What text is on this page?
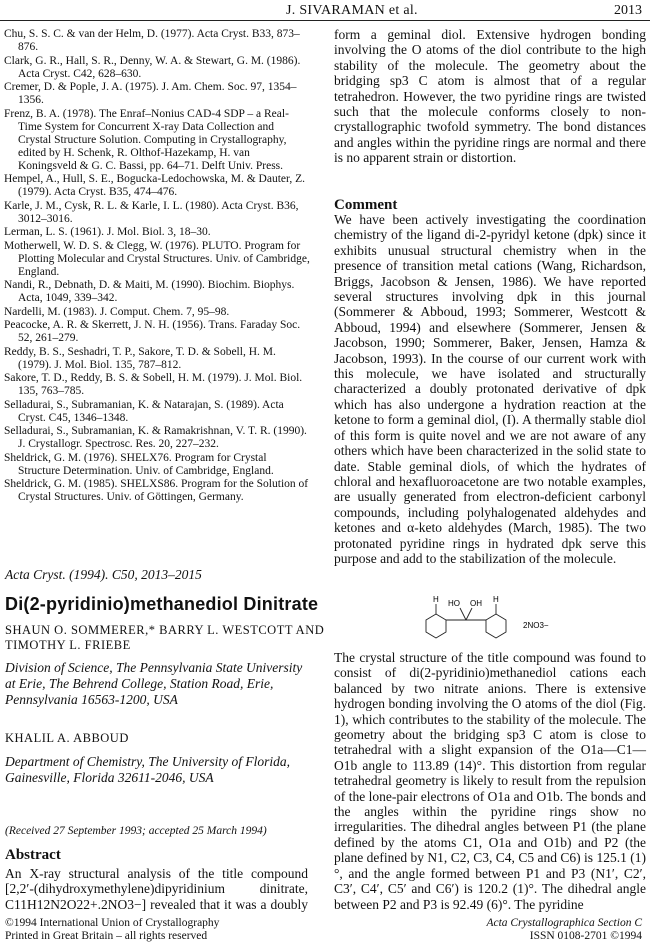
J. SIVARAMAN et al.	2013

Chu, S. S. C. & van der Helm, D. (1977). Acta Cryst. B33, 873–876.

Clark, G. R., Hall, S. R., Denny, W. A. & Stewart, G. M. (1986). Acta Cryst. C42, 628–630.

Cremer, D. & Pople, J. A. (1975). J. Am. Chem. Soc. 97, 1354–1356.

Frenz, B. A. (1978). The Enraf–Nonius CAD-4 SDP – a Real-Time System for Concurrent X-ray Data Collection and Crystal Structure Solution. Computing in Crystallography, edited by H. Schenk, R. Olthof-Hazekamp, H. van Koningsveld & G. C. Bassi, pp. 64–71. Delft Univ. Press.

Hempel, A., Hull, S. E., Bogucka-Ledochowska, M. & Dauter, Z. (1979). Acta Cryst. B35, 474–476.

Karle, J. M., Cysk, R. L. & Karle, I. L. (1980). Acta Cryst. B36, 3012–3016.

Lerman, L. S. (1961). J. Mol. Biol. 3, 18–30.

Motherwell, W. D. S. & Clegg, W. (1976). PLUTO. Program for Plotting Molecular and Crystal Structures. Univ. of Cambridge, England.

Nandi, R., Debnath, D. & Maiti, M. (1990). Biochim. Biophys. Acta, 1049, 339–342.

Nardelli, M. (1983). J. Comput. Chem. 7, 95–98.

Peacocke, A. R. & Skerrett, J. N. H. (1956). Trans. Faraday Soc. 52, 261–279.

Reddy, B. S., Seshadri, T. P., Sakore, T. D. & Sobell, H. M. (1979). J. Mol. Biol. 135, 787–812.

Sakore, T. D., Reddy, B. S. & Sobell, H. M. (1979). J. Mol. Biol. 135, 763–785.

Selladurai, S., Subramanian, K. & Natarajan, S. (1989). Acta Cryst. C45, 1346–1348.

Selladurai, S., Subramanian, K. & Ramakrishnan, V. T. R. (1990). J. Crystallogr. Spectrosc. Res. 20, 227–232.

Sheldrick, G. M. (1976). SHELX76. Program for Crystal Structure Determination. Univ. of Cambridge, England.

Sheldrick, G. M. (1985). SHELXS86. Program for the Solution of Crystal Structures. Univ. of Göttingen, Germany.

Acta Cryst. (1994). C50, 2013–2015
Di(2-pyridinio)methanediol Dinitrate
SHAUN O. SOMMERER,* BARRY L. WESTCOTT AND
TIMOTHY L. FRIEBE
Division of Science, The Pennsylvania State University at Erie, The Behrend College, Station Road, Erie, Pennsylvania 16563-1200, USA
KHALIL A. ABBOUD
Department of Chemistry, The University of Florida, Gainesville, Florida 32611-2046, USA
(Received 27 September 1993; accepted 25 March 1994)
Abstract

An X-ray structural analysis of the title compound [2,2′-(dihydroxymethylene)dipyridinium dinitrate, C11H12N2O22+.2NO3−] revealed that it was a doubly

form a geminal diol. Extensive hydrogen bonding involving the O atoms of the diol contribute to the high stability of the molecule. The geometry about the bridging sp3 C atom is almost that of a regular tetrahedron. However, the two pyridine rings are twisted such that the molecule conforms closely to non-crystallographic twofold symmetry. The bond distances and angles within the pyridine rings are normal and there is no apparent strain or distortion.

Comment

We have been actively investigating the coordination chemistry of the ligand di-2-pyridyl ketone (dpk) since it exhibits unusual structural chemistry when in the presence of transition metal cations (Wang, Richardson, Briggs, Jacobson & Jensen, 1986). We have reported several structures involving dpk in this journal (Sommerer & Abboud, 1993; Sommerer, Westcott & Abboud, 1994) and elsewhere (Sommerer, Jensen & Jacobson, 1990; Sommerer, Baker, Jensen, Hamza & Jacobson, 1993). In the course of our current work with this molecule, we have isolated and structurally characterized a doubly protonated derivative of dpk which has also undergone a hydration reaction at the ketone to form a geminal diol, (I). A thermally stable diol of this form is quite novel and we are not aware of any others which have been characterized in the solid state to date. Stable geminal diols, of which the hydrates of chloral and hexafluoroacetone are two notable examples, are usually generated from electron-deficient carbonyl compounds, including polyhalogenated aldehydes and ketones and α-keto aldehydes (March, 1985). The two protonated pyridine rings in hydrated dpk serve this purpose and add to the stabilization of the molecule.

H HO OH H
2NO3−

The crystal structure of the title compound was found to consist of di(2-pyridinio)methanediol cations each balanced by two nitrate anions. There is extensive hydrogen bonding involving the O atoms of the diol (Fig. 1), which contributes to the stability of the molecule. The geometry about the bridging sp3 C atom is close to tetrahedral with a slight expansion of the O1a—C1—O1b angle to 113.89 (14)°. This distortion from regular tetrahedral geometry is likely to result from the repulsion of the lone-pair electrons of O1a and O1b. The bonds and the angles within the pyridine rings show no irregularities. The dihedral angles between P1 (the plane defined by the atoms C1, O1a and O1b) and P2 (the plane defined by N1, C2, C3, C4, C5 and C6) is 125.1 (1)°, and the angle formed between P1 and P3 (N1′, C2′, C3′, C4′, C5′ and C6′) is 120.2 (1)°. The dihedral angle between P2 and P3 is 92.49 (6)°. The pyridine

©1994 International Union of Crystallography
Printed in Great Britain – all rights reserved
Acta Crystallographica Section C
ISSN 0108-2701 ©1994
